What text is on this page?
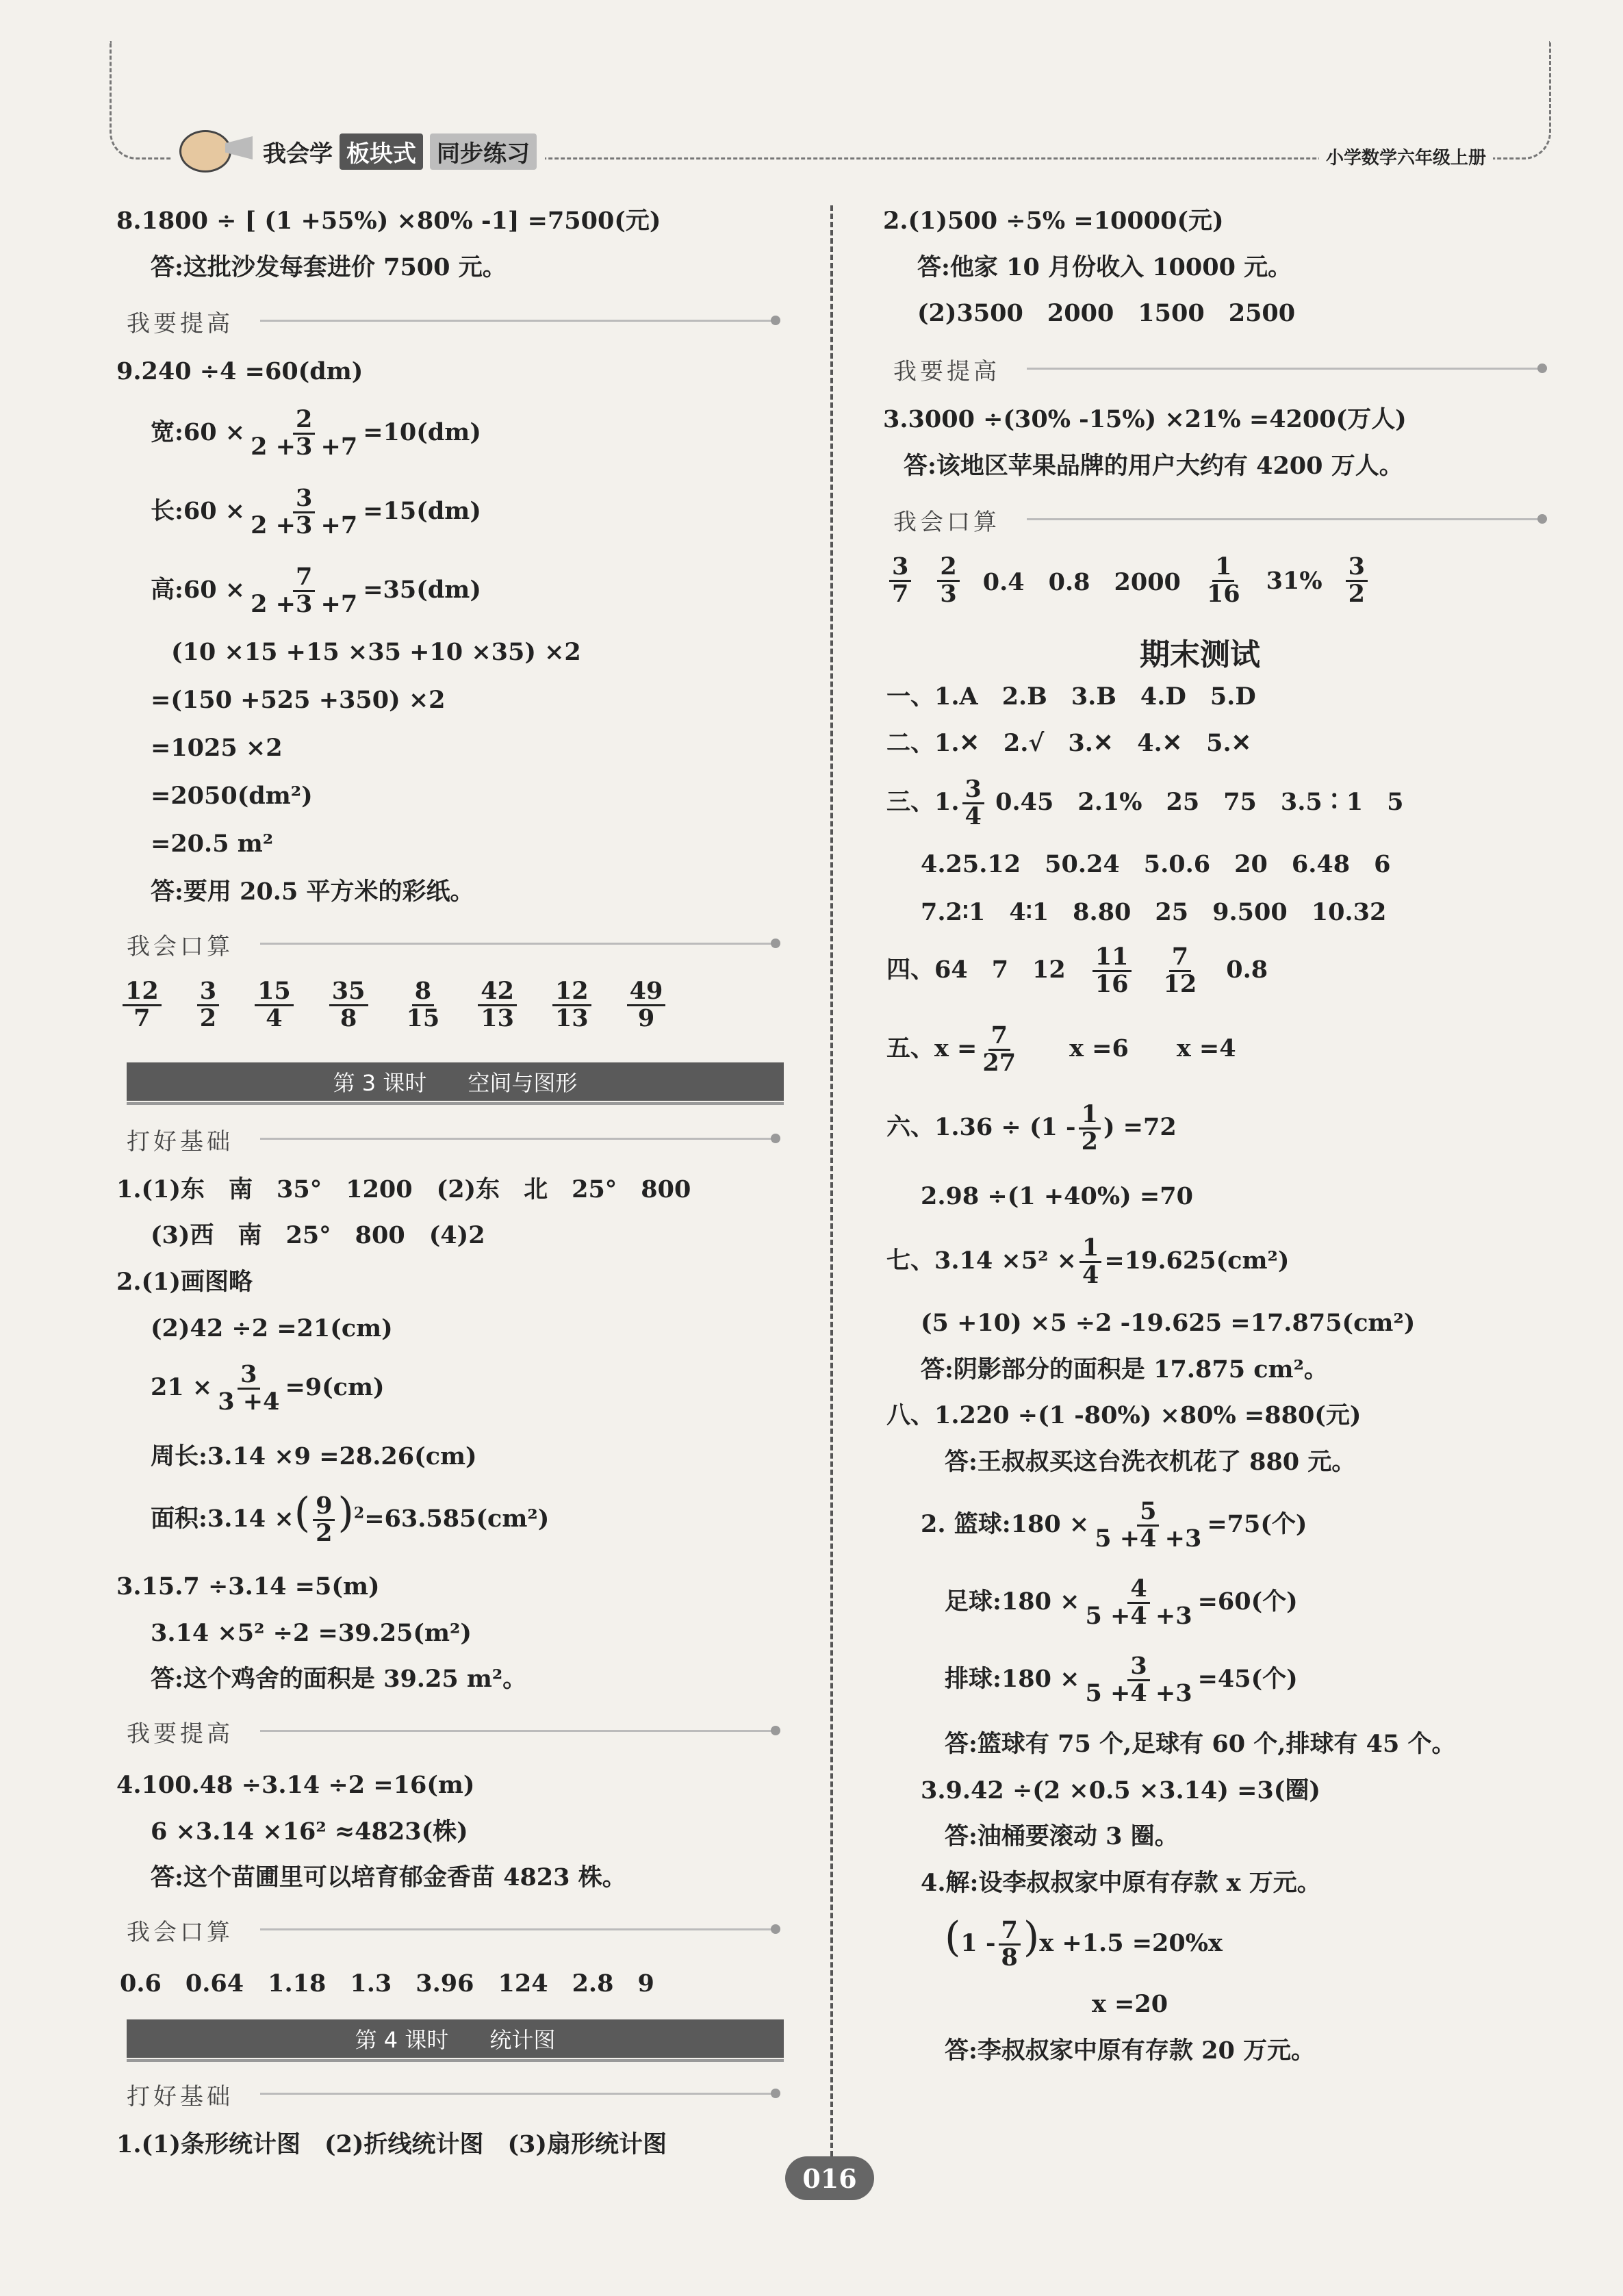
我会学 板块式 同步练习	小学数学六年级上册
8.1800 ÷ [ (1 +55%) ×80% -1] =7500(元)
答:这批沙发每套进价 7500 元。
我要提高
9.240 ÷4 =60(dm)
宽:60 × $\frac{2}{2 +3 +7} =10(dm)$
长:60 × $\frac{3}{2 +3 +7} =15(dm)$
高:60 × $\frac{7}{2 +3 +7} =35(dm)$
(10 ×15 +15 ×35 +10 ×35) ×2
=(150 +525 +350) ×2
=1025 ×2
=2050(dm²)
=20.5 m²
答:要用 20.5 平方米的彩纸。
我会口算
$\frac{12}{7} \frac{3}{2} \frac{15}{4} \frac{35}{8} \frac{8}{15} \frac{42}{13} \frac{12}{13} \frac{49}{9}$
第 3 课时 空间与图形
打好基础
1.(1)东　南　35°　1200　(2)东　北　25°　800
(3)西　南　25°　800　(4)2
2.(1)画图略
(2)42 ÷2 =21(cm)
$21 \times \frac{3}{3 +4} =9(cm)$
周长:3.14 ×9 =28.26(cm)
面积:3.14 ×( $\frac{9}{2} )^2=63.585(cm^2)$
3.15.7 ÷3.14 =5(m)
3.14 ×5² ÷2 =39.25(m²)
答:这个鸡舍的面积是 39.25 m²。
我要提高
4.100.48 ÷3.14 ÷2 =16(m)
6 ×3.14 ×16² ≈4823(株)
答:这个苗圃里可以培育郁金香苗 4823 株。
我会口算
0.6　0.64　1.18　1.3　3.96　124　2.8　9
第 4 课时 统计图
打好基础
1.(1)条形统计图　(2)折线统计图　(3)扇形统计图
2.(1)500 ÷5% =10000(元)
答:他家 10 月份收入 10000 元。
(2)3500　2000　1500　2500
我要提高
3.3000 ÷(30% -15%) ×21% =4200(万人)
答:该地区苹果品牌的用户大约有 4200 万人。
我会口算
$\frac{3}{7} \frac{2}{3} 0.4$　0.8　$2000 \frac{1}{16} 31\% \frac{3}{2}$
期末测试
一、1.A　2.B　3.B　4.D　5.D
二、1.✕　2.√　3.✕　4.✕　5.✕
三、1. $\frac{3}{4} 0.45$　2.1%　25　75　3.5∶1　5
4.25.12　50.24　5.0.6　20　6.48　6
7.2∶1　4∶1　8.80　25　9.500　10.32
四、64　7　12　 $\frac{11}{16}$
　 $\frac{7}{12}$
　 0.8
五、$x = \frac{7}{27}$
　　 x =6　　x =4
六、$1.36 \div (1 - \frac{1}{2}$ ) =72
2.98 ÷(1 +40%) =70
七、$3.14 \times 5^2 \times \frac{1}{4} =19.625(cm^2)$
(5 +10) ×5 ÷2 -19.625 =17.875(cm²)
答:阴影部分的面积是 17.875 cm²。
八、1.220 ÷(1 -80%) ×80% =880(元)
答:王叔叔买这台洗衣机花了 880 元。
2. 篮球:180 × $\frac{5}{5 +4 +3} =75$(个)
足球:180 × $\frac{4}{5 +4 +3} =60$(个)
排球:180 × $\frac{3}{5 +4 +3} =45$(个)
答:篮球有 75 个,足球有 60 个,排球有 45 个。
3.9.42 ÷(2 ×0.5 ×3.14) =3(圈)
答:油桶要滚动 3 圈。
4.解:设李叔叔家中原有存款 x 万元。
$(1 - \frac{7}{8} )x +1.5 =20\%x$
x =20
答:李叔叔家中原有存款 20 万元。
016
